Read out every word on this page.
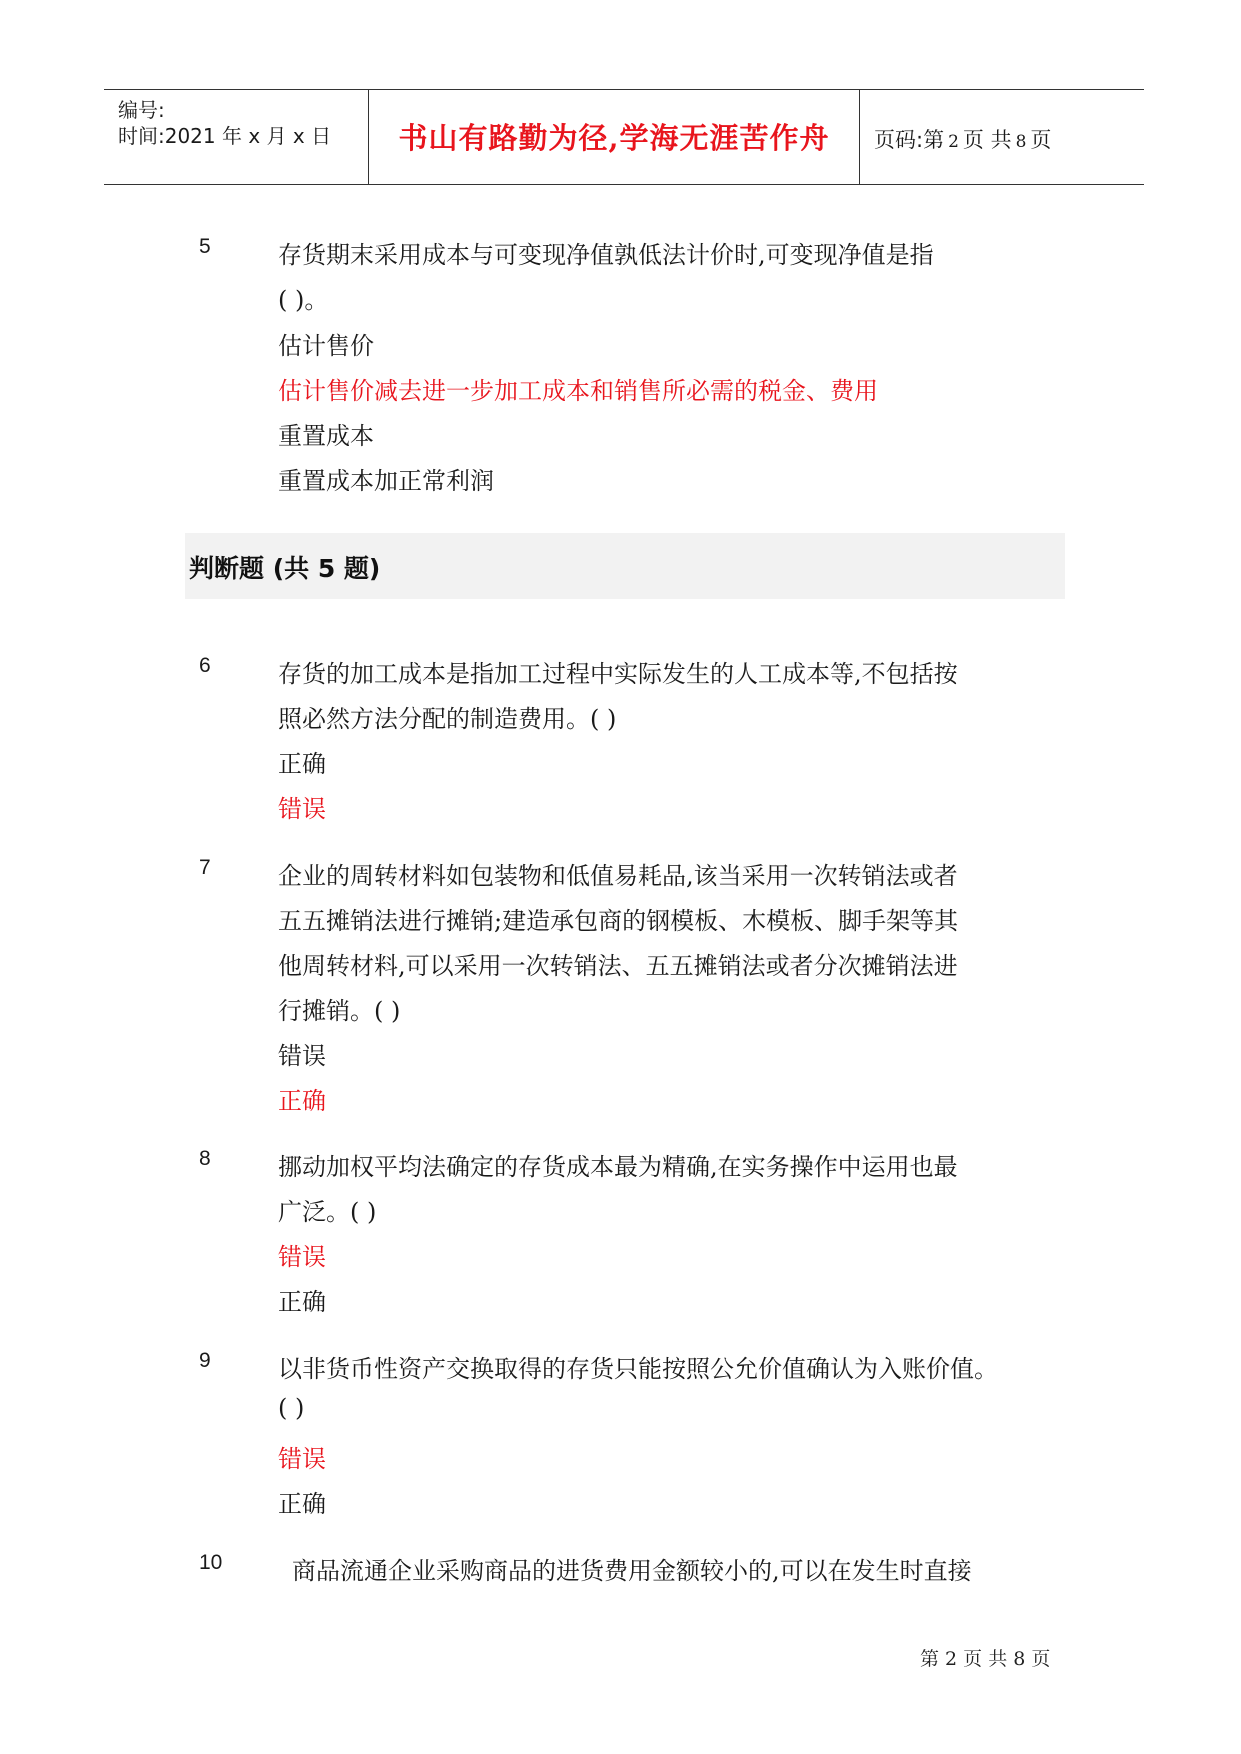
编号:
时间:2021 年 x 月 x 日	书山有路勤为径,学海无涯苦作舟	页码:第 2 页 共 8 页
5	存货期末采用成本与可变现净值孰低法计价时,可变现净值是指
( )。
估计售价
估计售价减去进一步加工成本和销售所必需的税金、费用
重置成本
重置成本加正常利润
判断题 (共 5 题)
6	存货的加工成本是指加工过程中实际发生的人工成本等,不包括按
照必然方法分配的制造费用。( )
正确
错误
7	企业的周转材料如包装物和低值易耗品,该当采用一次转销法或者
五五摊销法进行摊销;建造承包商的钢模板、木模板、脚手架等其
他周转材料,可以采用一次转销法、五五摊销法或者分次摊销法进
行摊销。( )
错误
正确
8	挪动加权平均法确定的存货成本最为精确,在实务操作中运用也最
广泛。( )
错误
正确
9	以非货币性资产交换取得的存货只能按照公允价值确认为入账价值。
( )
错误
正确
10	商品流通企业采购商品的进货费用金额较小的,可以在发生时直接
第 2 页 共 8 页
